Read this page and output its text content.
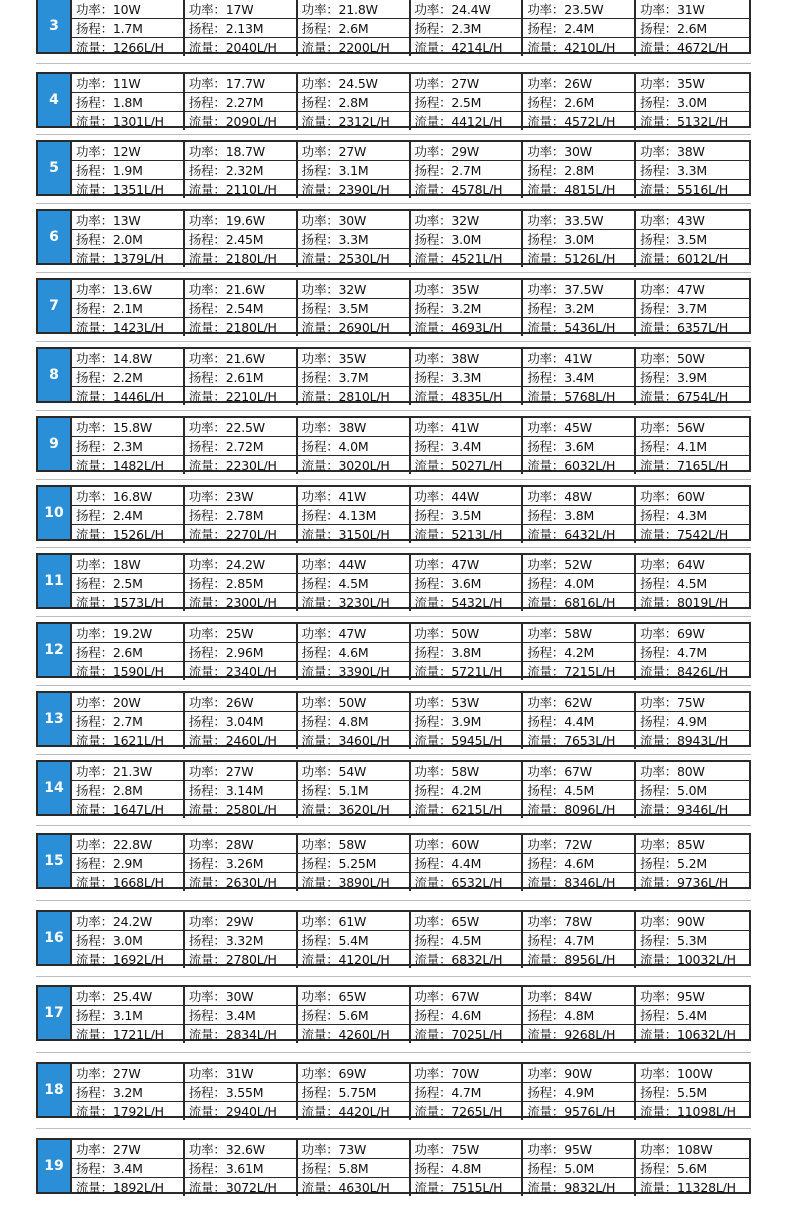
3
功率：10W
扬程：1.7M
流量：1266L/H
功率：17W
扬程：2.13M
流量：2040L/H
功率：21.8W
扬程：2.6M
流量：2200L/H
功率：24.4W
扬程：2.3M
流量：4214L/H
功率：23.5W
扬程：2.4M
流量：4210L/H
功率：31W
扬程：2.6M
流量：4672L/H
4
功率：11W
扬程：1.8M
流量：1301L/H
功率：17.7W
扬程：2.27M
流量：2090L/H
功率：24.5W
扬程：2.8M
流量：2312L/H
功率：27W
扬程：2.5M
流量：4412L/H
功率：26W
扬程：2.6M
流量：4572L/H
功率：35W
扬程：3.0M
流量：5132L/H
5
功率：12W
扬程：1.9M
流量：1351L/H
功率：18.7W
扬程：2.32M
流量：2110L/H
功率：27W
扬程：3.1M
流量：2390L/H
功率：29W
扬程：2.7M
流量：4578L/H
功率：30W
扬程：2.8M
流量：4815L/H
功率：38W
扬程：3.3M
流量：5516L/H
6
功率：13W
扬程：2.0M
流量：1379L/H
功率：19.6W
扬程：2.45M
流量：2180L/H
功率：30W
扬程：3.3M
流量：2530L/H
功率：32W
扬程：3.0M
流量：4521L/H
功率：33.5W
扬程：3.0M
流量：5126L/H
功率：43W
扬程：3.5M
流量：6012L/H
7
功率：13.6W
扬程：2.1M
流量：1423L/H
功率：21.6W
扬程：2.54M
流量：2180L/H
功率：32W
扬程：3.5M
流量：2690L/H
功率：35W
扬程：3.2M
流量：4693L/H
功率：37.5W
扬程：3.2M
流量：5436L/H
功率：47W
扬程：3.7M
流量：6357L/H
8
功率：14.8W
扬程：2.2M
流量：1446L/H
功率：21.6W
扬程：2.61M
流量：2210L/H
功率：35W
扬程：3.7M
流量：2810L/H
功率：38W
扬程：3.3M
流量：4835L/H
功率：41W
扬程：3.4M
流量：5768L/H
功率：50W
扬程：3.9M
流量：6754L/H
9
功率：15.8W
扬程：2.3M
流量：1482L/H
功率：22.5W
扬程：2.72M
流量：2230L/H
功率：38W
扬程：4.0M
流量：3020L/H
功率：41W
扬程：3.4M
流量：5027L/H
功率：45W
扬程：3.6M
流量：6032L/H
功率：56W
扬程：4.1M
流量：7165L/H
10
功率：16.8W
扬程：2.4M
流量：1526L/H
功率：23W
扬程：2.78M
流量：2270L/H
功率：41W
扬程：4.13M
流量：3150L/H
功率：44W
扬程：3.5M
流量：5213L/H
功率：48W
扬程：3.8M
流量：6432L/H
功率：60W
扬程：4.3M
流量：7542L/H
11
功率：18W
扬程：2.5M
流量：1573L/H
功率：24.2W
扬程：2.85M
流量：2300L/H
功率：44W
扬程：4.5M
流量：3230L/H
功率：47W
扬程：3.6M
流量：5432L/H
功率：52W
扬程：4.0M
流量：6816L/H
功率：64W
扬程：4.5M
流量：8019L/H
12
功率：19.2W
扬程：2.6M
流量：1590L/H
功率：25W
扬程：2.96M
流量：2340L/H
功率：47W
扬程：4.6M
流量：3390L/H
功率：50W
扬程：3.8M
流量：5721L/H
功率：58W
扬程：4.2M
流量：7215L/H
功率：69W
扬程：4.7M
流量：8426L/H
13
功率：20W
扬程：2.7M
流量：1621L/H
功率：26W
扬程：3.04M
流量：2460L/H
功率：50W
扬程：4.8M
流量：3460L/H
功率：53W
扬程：3.9M
流量：5945L/H
功率：62W
扬程：4.4M
流量：7653L/H
功率：75W
扬程：4.9M
流量：8943L/H
14
功率：21.3W
扬程：2.8M
流量：1647L/H
功率：27W
扬程：3.14M
流量：2580L/H
功率：54W
扬程：5.1M
流量：3620L/H
功率：58W
扬程：4.2M
流量：6215L/H
功率：67W
扬程：4.5M
流量：8096L/H
功率：80W
扬程：5.0M
流量：9346L/H
15
功率：22.8W
扬程：2.9M
流量：1668L/H
功率：28W
扬程：3.26M
流量：2630L/H
功率：58W
扬程：5.25M
流量：3890L/H
功率：60W
扬程：4.4M
流量：6532L/H
功率：72W
扬程：4.6M
流量：8346L/H
功率：85W
扬程：5.2M
流量：9736L/H
16
功率：24.2W
扬程：3.0M
流量：1692L/H
功率：29W
扬程：3.32M
流量：2780L/H
功率：61W
扬程：5.4M
流量：4120L/H
功率：65W
扬程：4.5M
流量：6832L/H
功率：78W
扬程：4.7M
流量：8956L/H
功率：90W
扬程：5.3M
流量：10032L/H
17
功率：25.4W
扬程：3.1M
流量：1721L/H
功率：30W
扬程：3.4M
流量：2834L/H
功率：65W
扬程：5.6M
流量：4260L/H
功率：67W
扬程：4.6M
流量：7025L/H
功率：84W
扬程：4.8M
流量：9268L/H
功率：95W
扬程：5.4M
流量：10632L/H
18
功率：27W
扬程：3.2M
流量：1792L/H
功率：31W
扬程：3.55M
流量：2940L/H
功率：69W
扬程：5.75M
流量：4420L/H
功率：70W
扬程：4.7M
流量：7265L/H
功率：90W
扬程：4.9M
流量：9576L/H
功率：100W
扬程：5.5M
流量：11098L/H
19
功率：27W
扬程：3.4M
流量：1892L/H
功率：32.6W
扬程：3.61M
流量：3072L/H
功率：73W
扬程：5.8M
流量：4630L/H
功率：75W
扬程：4.8M
流量：7515L/H
功率：95W
扬程：5.0M
流量：9832L/H
功率：108W
扬程：5.6M
流量：11328L/H
